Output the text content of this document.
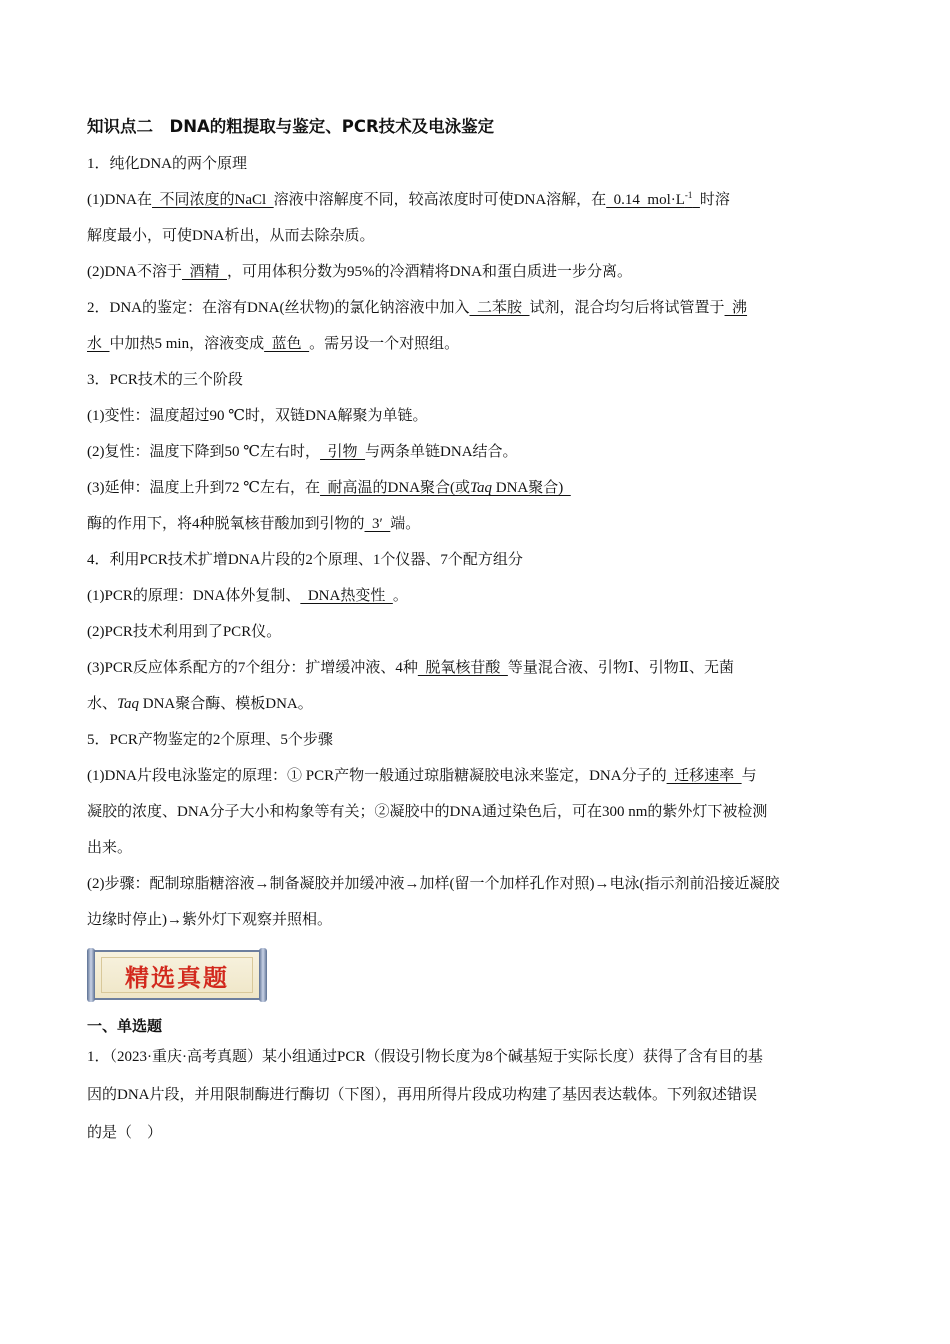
知识点二　DNA的粗提取与鉴定、PCR技术及电泳鉴定
1．纯化DNA的两个原理
(1)DNA在  不同浓度的NaCl  溶液中溶解度不同，较高浓度时可使DNA溶解，在  0.14  $mol\cdot L^{-1}$ 时溶
解度最小，可使DNA析出，从而去除杂质。
(2)DNA不溶于  酒精  ，可用体积分数为95%的冷酒精将DNA和蛋白质进一步分离。
2．DNA的鉴定：在溶有DNA(丝状物)的氯化钠溶液中加入  二苯胺  试剂，混合均匀后将试管置于  沸
水  中加热5 min，溶液变成  蓝色  。需另设一个对照组。
3．PCR技术的三个阶段
(1)变性：温度超过90 ℃时，双链DNA解聚为单链。
(2)复性：温度下降到50 ℃左右时，  引物  与两条单链DNA结合。
(3)延伸：温度上升到72 ℃左右，在  耐高温的DNA聚合(或Taq DNA聚合)
酶的作用下，将4种脱氧核苷酸加到引物的  3′  端。
4．利用PCR技术扩增DNA片段的2个原理、1个仪器、7个配方组分
(1)PCR的原理：DNA体外复制、  DNA热变性  。
(2)PCR技术利用到了PCR仪。
(3)PCR反应体系配方的7个组分：扩增缓冲液、4种  脱氧核苷酸  等量混合液、引物Ⅰ、引物Ⅱ、无菌
水、Taq DNA聚合酶、模板DNA。
5．PCR产物鉴定的2个原理、5个步骤
(1)DNA片段电泳鉴定的原理：① PCR产物一般通过琼脂糖凝胶电泳来鉴定，DNA分子的  迁移速率  与
凝胶的浓度、DNA分子大小和构象等有关；②凝胶中的DNA通过染色后，可在300 nm的紫外灯下被检测
出来。
(2)步骤：配制琼脂糖溶液→制备凝胶并加缓冲液→加样(留一个加样孔作对照)→电泳(指示剂前沿接近凝胶
边缘时停止)→紫外灯下观察并照相。
精选真题
一、单选题
1．（2023·重庆·高考真题）某小组通过PCR（假设引物长度为8个碱基短于实际长度）获得了含有目的基
因的DNA片段，并用限制酶进行酶切（下图），再用所得片段成功构建了基因表达载体。下列叙述错误
的是（　）
